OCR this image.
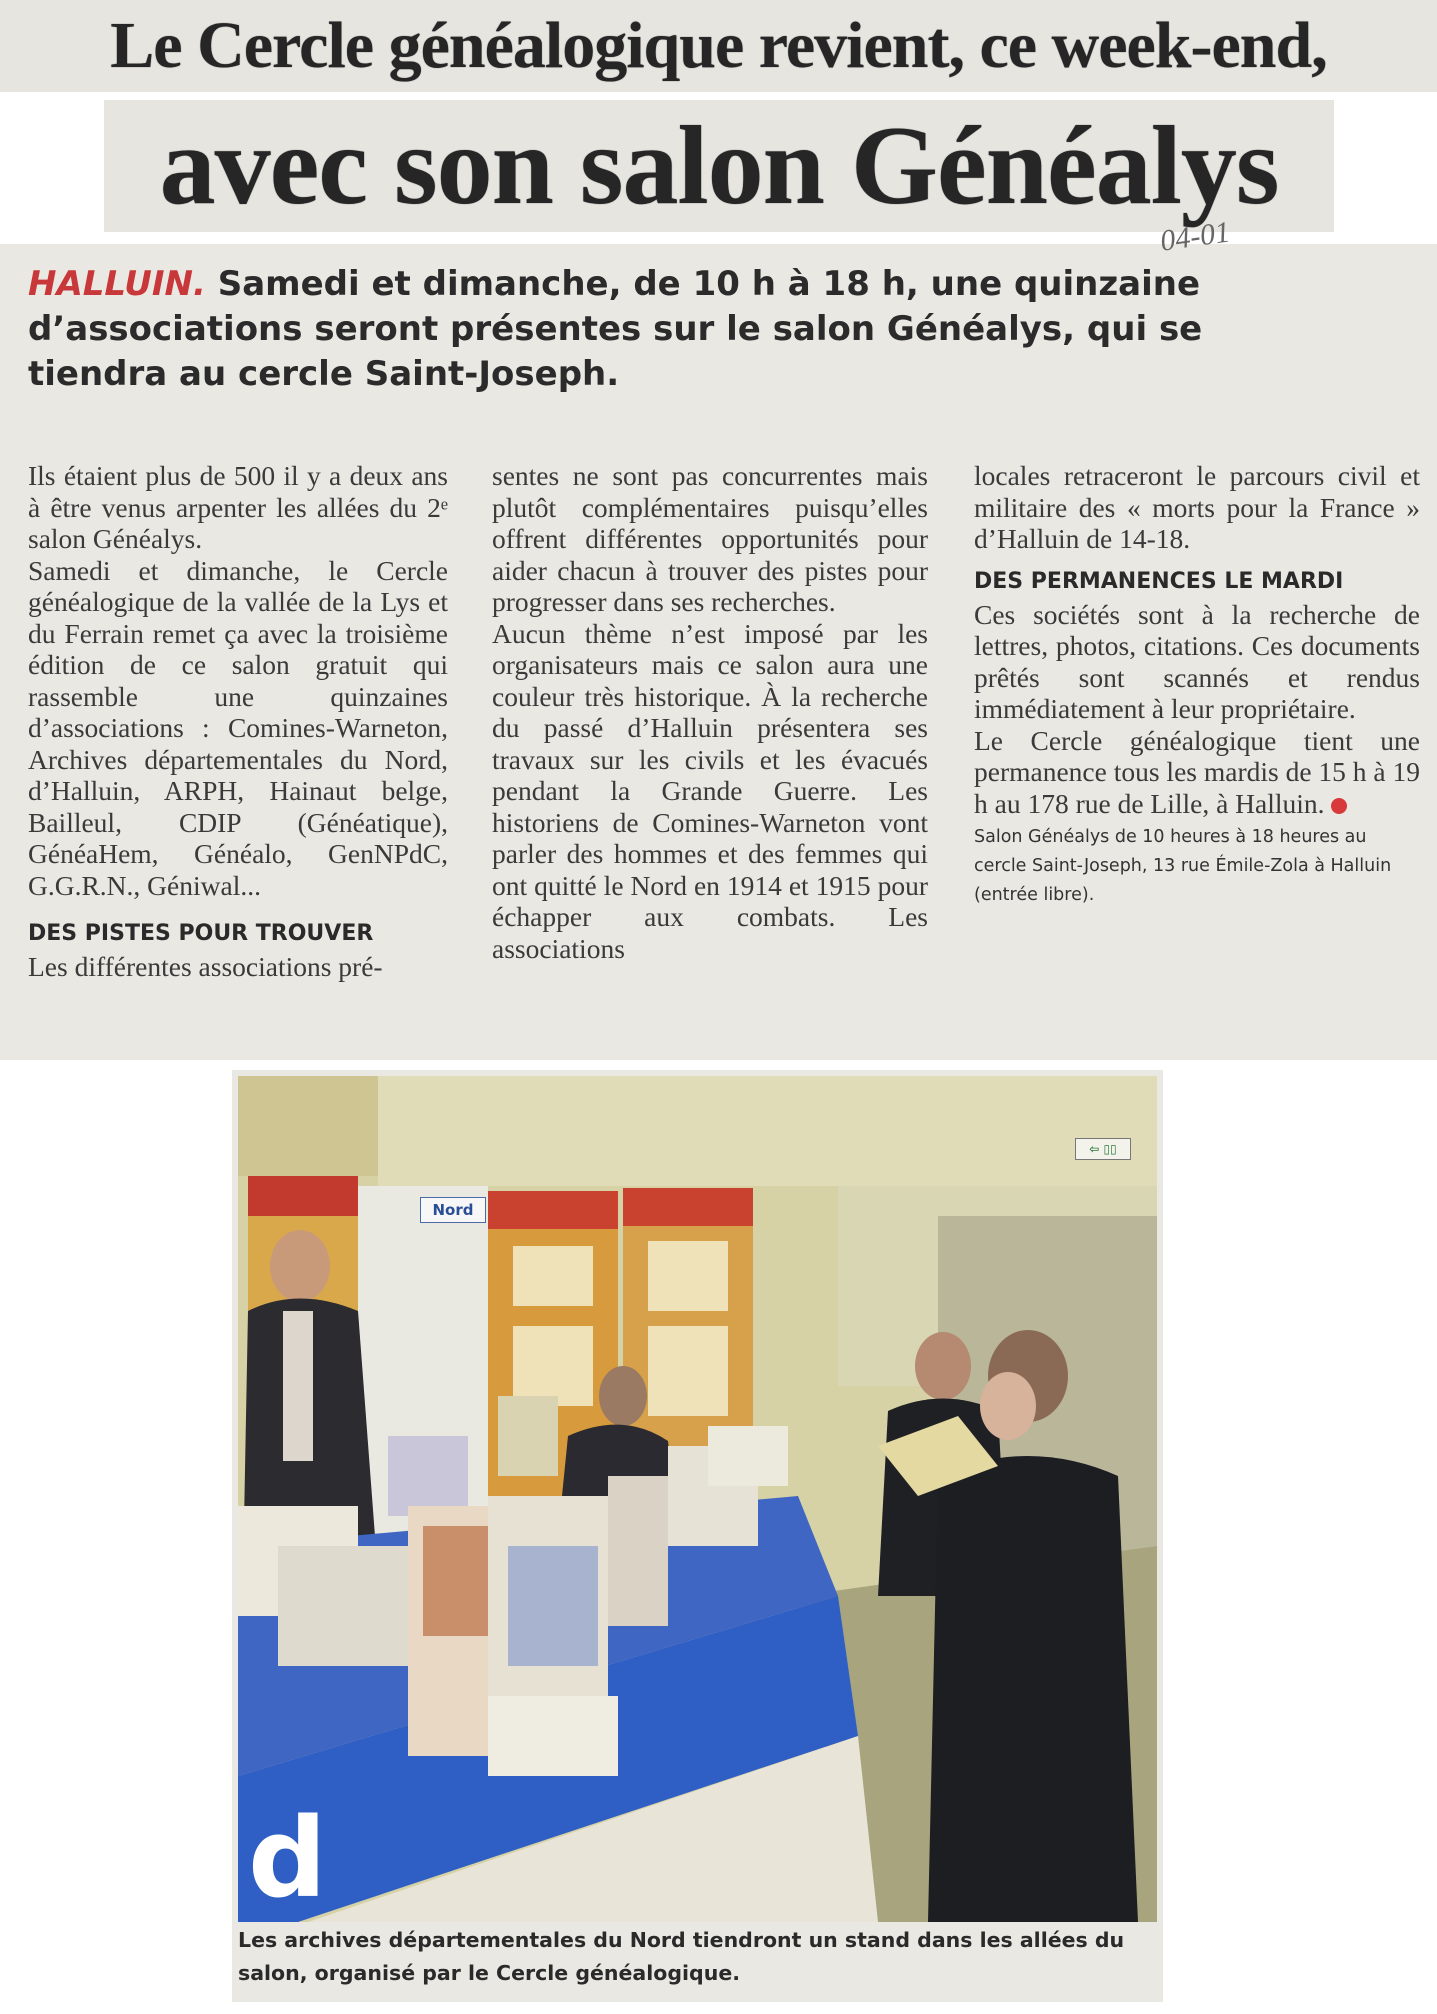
Le Cercle généalogique revient, ce week-end,
avec son salon Généalys
04-01
HALLUIN. Samedi et dimanche, de 10 h à 18 h, une quinzaine d’associations seront présentes sur le salon Généalys, qui se tiendra au cercle Saint-Joseph.

Ils étaient plus de 500 il y a deux ans à être venus arpenter les allées du 2ᵉ salon Généalys.

Samedi et dimanche, le Cercle généalogique de la vallée de la Lys et du Ferrain remet ça avec la troisième édition de ce salon gratuit qui rassemble une quinzaines d’associations : Comines-Warneton, Archives départementales du Nord, d’Halluin, ARPH, Hainaut belge, Bailleul, CDIP (Généatique), GénéaHem, Généalo, GenNPdC, G.G.R.N., Géniwal...

DES PISTES POUR TROUVER

Les différentes associations pré-

sentes ne sont pas concurrentes mais plutôt complémentaires puisqu’elles offrent différentes opportunités pour aider chacun à trouver des pistes pour progresser dans ses recherches.

Aucun thème n’est imposé par les organisateurs mais ce salon aura une couleur très historique. À la recherche du passé d’Halluin présentera ses travaux sur les civils et les évacués pendant la Grande Guerre. Les historiens de Comines-Warneton vont parler des hommes et des femmes qui ont quitté le Nord en 1914 et 1915 pour échapper aux combats. Les associations

locales retraceront le parcours civil et militaire des « morts pour la France » d’Halluin de 14-18.

DES PERMANENCES LE MARDI

Ces sociétés sont à la recherche de lettres, photos, citations. Ces documents prêtés sont scannés et rendus immédiatement à leur propriétaire.

Le Cercle généalogique tient une permanence tous les mardis de 15 h à 19 h au 178 rue de Lille, à Halluin.

Salon Généalys de 10 heures à 18 heures au cercle Saint-Joseph, 13 rue Émile-Zola à Halluin (entrée libre).
d
Nord
⇦ ▯▯
Les archives départementales du Nord tiendront un stand dans les allées du salon, organisé par le Cercle généalogique.
